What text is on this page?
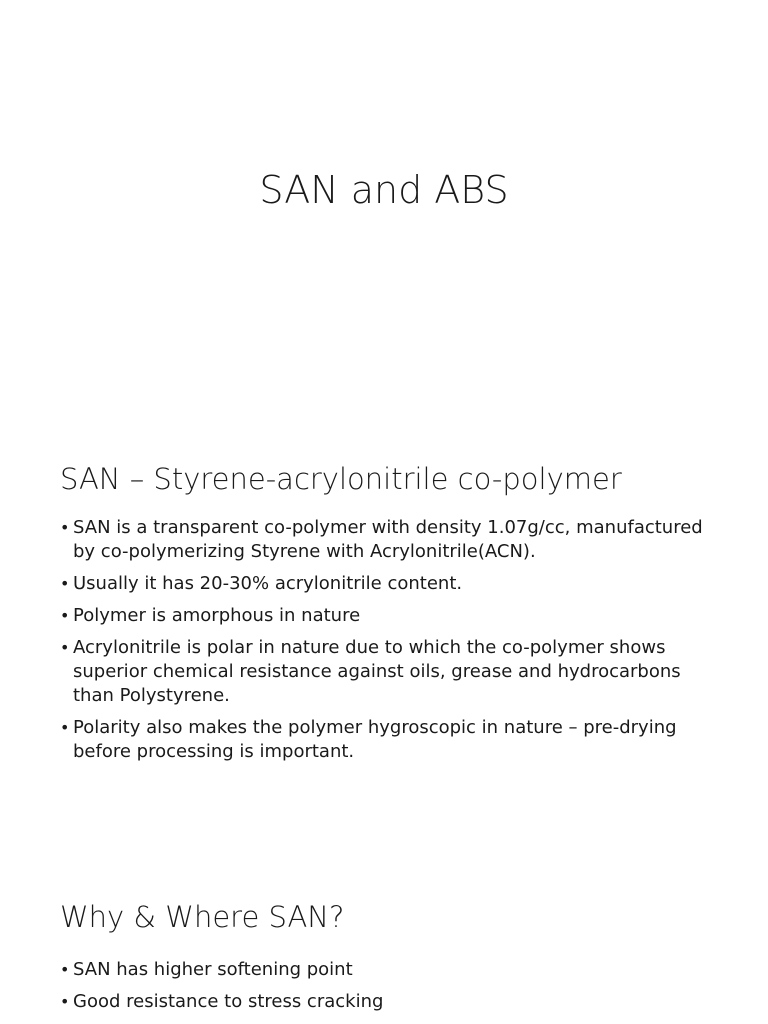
SAN and ABS
SAN – Styrene-acrylonitrile co-polymer
• SAN is a transparent co-polymer with density 1.07g/cc, manufactured by co-polymerizing Styrene with Acrylonitrile(ACN).
• Usually it has 20-30% acrylonitrile content.
• Polymer is amorphous in nature
• Acrylonitrile is polar in nature due to which the co-polymer shows superior chemical resistance against oils, grease and hydrocarbons than Polystyrene.
• Polarity also makes the polymer hygroscopic in nature – pre-drying before processing is important.
Why & Where SAN?
• SAN has higher softening point
• Good resistance to stress cracking
